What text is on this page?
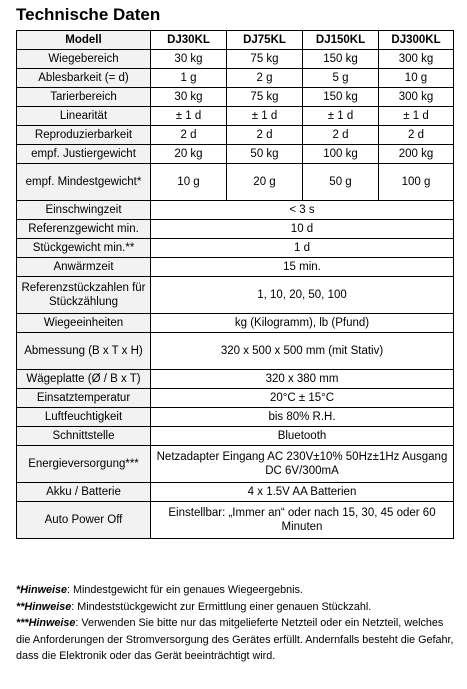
Technische Daten
Modell	DJ30KL	DJ75KL	DJ150KL	DJ300KL
Wiegebereich	30 kg	75 kg	150 kg	300 kg
Ablesbarkeit (= d)	1 g	2 g	5 g	10 g
Tarierbereich	30 kg	75 kg	150 kg	300 kg
Linearität	± 1 d	± 1 d	± 1 d	± 1 d
Reproduzierbarkeit	2 d	2 d	2 d	2 d
empf. Justiergewicht	20 kg	50 kg	100 kg	200 kg
empf. Mindestgewicht*	10 g	20 g	50 g	100 g
Einschwingzeit	< 3 s			
Referenzgewicht min.	10 d			
Stückgewicht min.**	1 d			
Anwärmzeit	15 min.			
Referenzstückzahlen für Stückzählung	1, 10, 20, 50, 100			
Wiegeeinheiten	kg (Kilogramm), lb (Pfund)			
Abmessung (B x T x H)	320 x 500 x 500 mm (mit Stativ)			
Wägeplatte (Ø / B x T)	320 x 380 mm			
Einsatztemperatur	20°C ± 15°C			
Luftfeuchtigkeit	bis 80% R.H.			
Schnittstelle	Bluetooth			
Energieversorgung***	Netzadapter Eingang AC 230V±10% 50Hz±1Hz Ausgang DC 6V/300mA			
Akku / Batterie	4 x 1.5V AA Batterien			
Auto Power Off	Einstellbar: „Immer an“ oder nach 15, 30, 45 oder 60 Minuten			

*Hinweise: Mindestgewicht für ein genaues Wiegeergebnis.

**Hinweise: Mindeststückgewicht zur Ermittlung einer genauen Stückzahl.

***Hinweise: Verwenden Sie bitte nur das mitgelieferte Netzteil oder ein Netzteil, welches die Anforderungen der Stromversorgung des Gerätes erfüllt. Andernfalls besteht die Gefahr, dass die Elektronik oder das Gerät beeinträchtigt wird.
